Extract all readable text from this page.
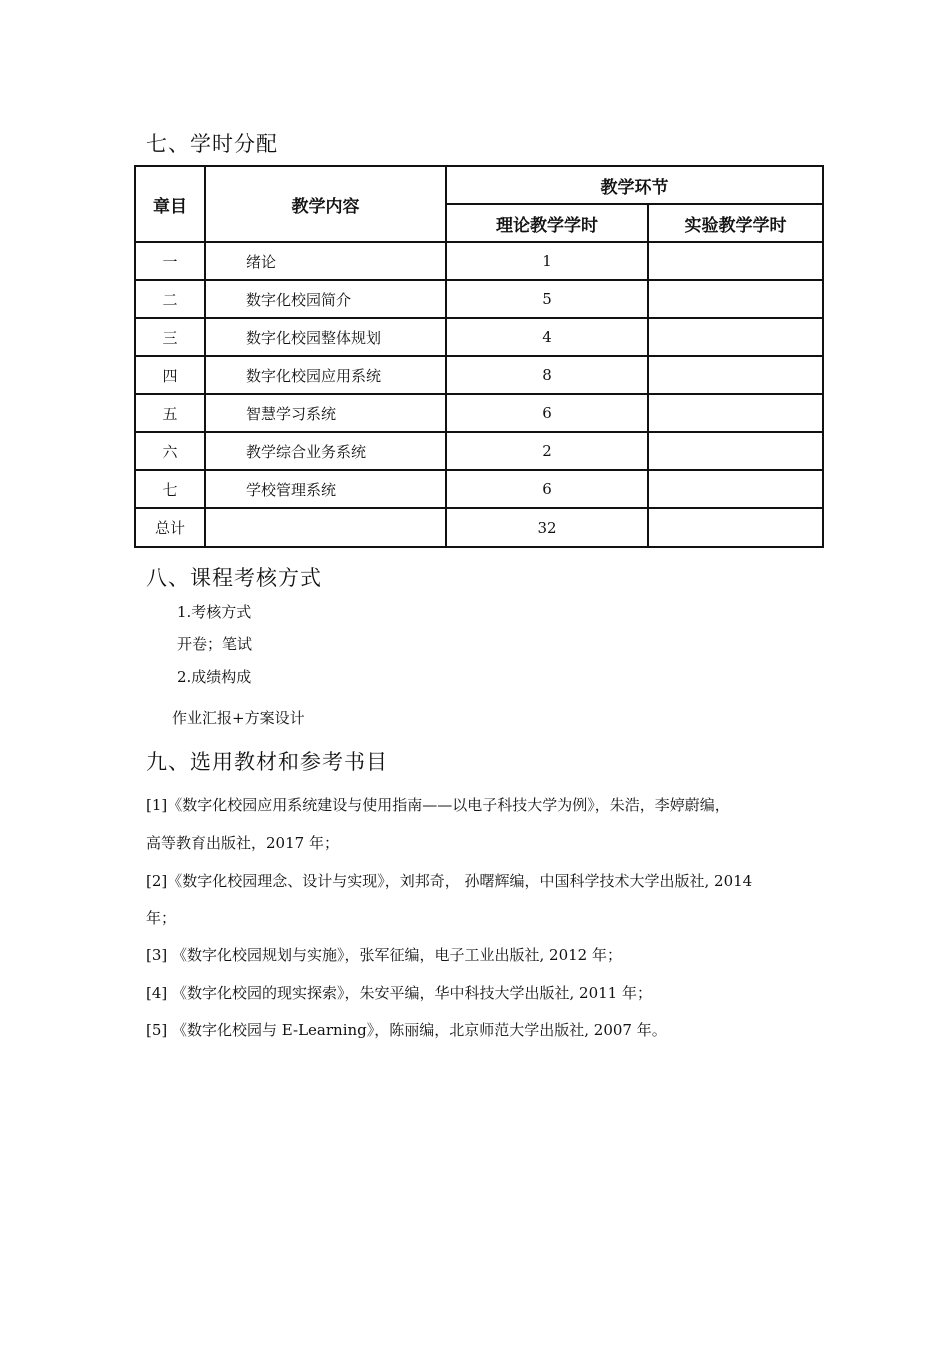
七、学时分配
章目	教学内容	教学环节	
		理论教学学时	实验教学学时
一	绪论	1	
二	数字化校园简介	5	
三	数字化校园整体规划	4	
四	数字化校园应用系统	8	
五	智慧学习系统	6	
六	教学综合业务系统	2	
七	学校管理系统	6	
总计		32	
八、课程考核方式

1.考核方式

开卷；笔试

2.成绩构成

作业汇报+方案设计

九、选用教材和参考书目

[1]《数字化校园应用系统建设与使用指南——以电子科技大学为例》，朱浩，李婷蔚编，

高等教育出版社，2017 年；

[2]《数字化校园理念、设计与实现》，刘邦奇， 孙曙辉编，中国科学技术大学出版社, 2014

年；

[3] 《数字化校园规划与实施》，张军征编，电子工业出版社, 2012 年；

[4] 《数字化校园的现实探索》，朱安平编，华中科技大学出版社, 2011 年；

[5] 《数字化校园与 E-Learning》，陈丽编，北京师范大学出版社, 2007 年。
